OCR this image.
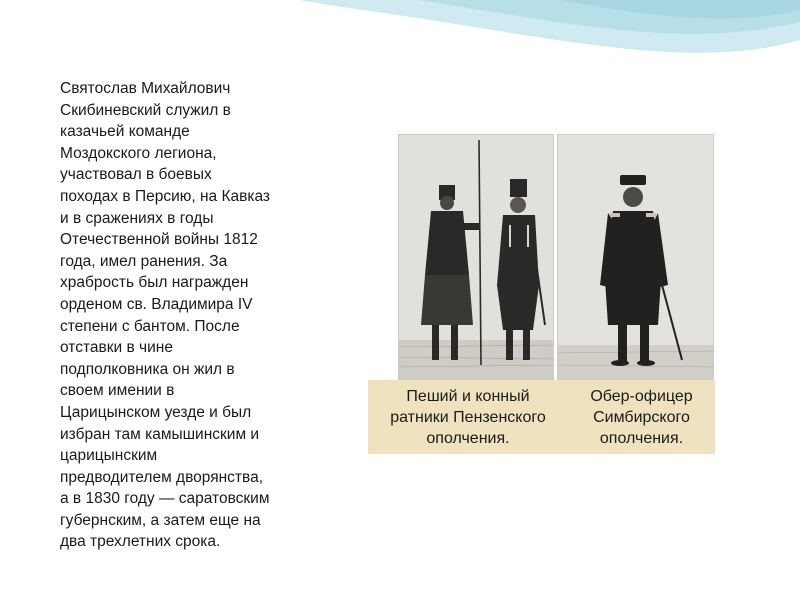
Святослав Михайлович
Скибиневский служил в
казачьей команде
Моздокского легиона,
участвовал в боевых
походах в Персию, на Кавказ
и в сражениях в годы
Отечественной войны 1812
года, имел ранения. За
храбрость был награжден
орденом св. Владимира IV
степени с бантом. После
отставки в чине
подполковника он жил в
своем имении в
Царицынском уезде и был
избран там камышинским и
царицынским
предводителем дворянства,
а в 1830 году — саратовским
губернским, а затем еще на
два трехлетних срока.
Пеший и конный
ратники Пензенского
ополчения.
Обер-офицер
Симбирского
ополчения.
